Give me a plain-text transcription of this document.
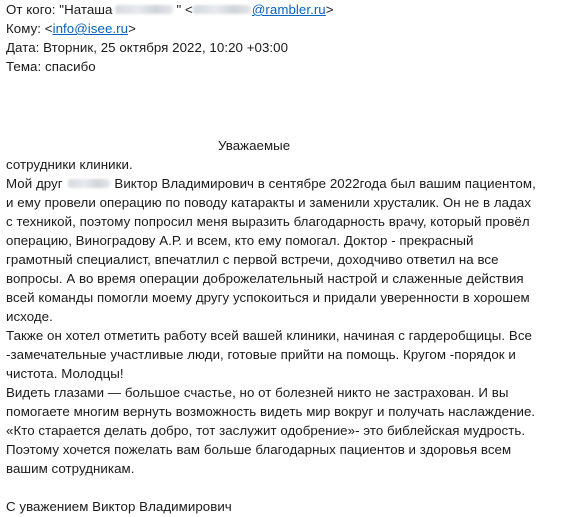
От кого: "Наташа	" <	@rambler.ru>
Кому: <info@isee.ru>
Дата: Вторник, 25 октября 2022, 10:20 +03:00
Тема: спасибо
Уважаемые
сотрудники клиники.
Мой друг	Виктор Владимирович в сентябре 2022года был вашим пациентом,
и ему провели операцию по поводу катаракты и заменили хрусталик. Он не в ладах
с техникой, поэтому попросил меня выразить благодарность врачу, который провёл
операцию, Виноградову А.Р. и всем, кто ему помогал. Доктор - прекрасный
грамотный специалист, впечатлил с первой встречи, доходчиво ответил на все
вопросы. А во время операции доброжелательный настрой и слаженные действия
всей команды помогли моему другу успокоиться и придали уверенности в хорошем
исходе.
Также он хотел отметить работу всей вашей клиники, начиная с гардеробщицы. Все
-замечательные участливые люди, готовые прийти на помощь. Кругом -порядок и
чистота. Молодцы!
Видеть глазами — большое счастье, но от болезней никто не застрахован. И вы
помогаете многим вернуть возможность видеть мир вокруг и получать наслаждение.
«Кто старается делать добро, тот заслужит одобрение»- это библейская мудрость.
Поэтому хочется пожелать вам больше благодарных пациентов и здоровья всем
вашим сотрудникам.
С уважением Виктор Владимирович
